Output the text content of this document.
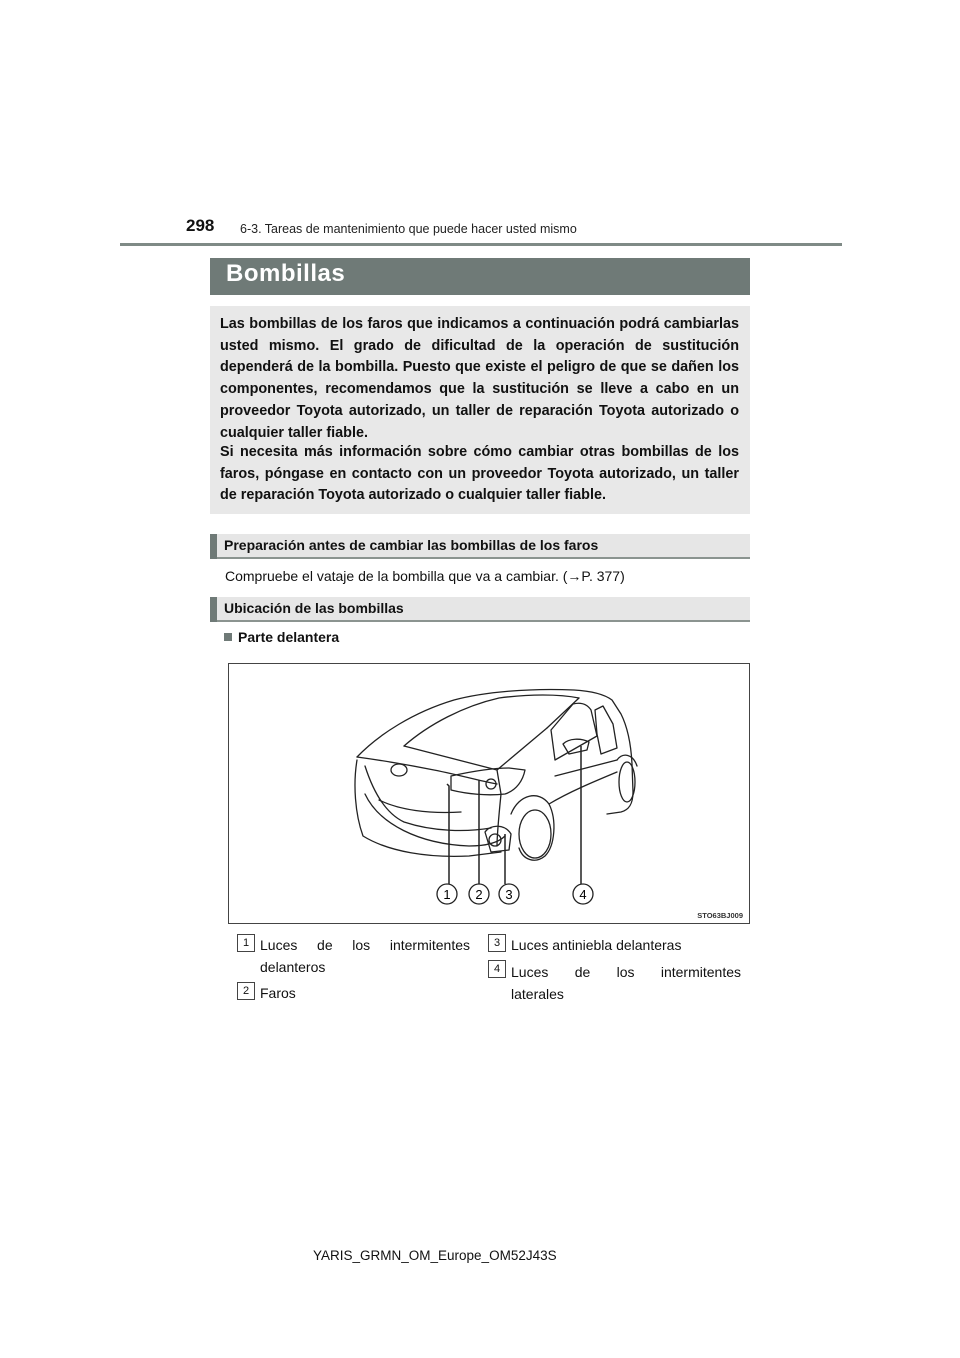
298 6-3. Tareas de mantenimiento que puede hacer usted mismo
Bombillas

Las bombillas de los faros que indicamos a continuación podrá cambiarlas usted mismo. El grado de dificultad de la operación de sustitución dependerá de la bombilla. Puesto que existe el peligro de que se dañen los componentes, recomendamos que la sustitución se lleve a cabo en un proveedor Toyota autorizado, un taller de reparación Toyota autorizado o cualquier taller fiable.

Si necesita más información sobre cómo cambiar otras bombillas de los faros, póngase en contacto con un proveedor Toyota autorizado, un taller de reparación Toyota autorizado o cualquier taller fiable.

Preparación antes de cambiar las bombillas de los faros
Compruebe el vataje de la bombilla que va a cambiar. (→P. 377)
Ubicación de las bombillas
Parte delantera
1 2 3	4
STO63BJ009
1 Luces de los intermitentes
delanteros
2 Faros
3 Luces antiniebla delanteras
4 Luces de los intermitentes
laterales
YARIS_GRMN_OM_Europe_OM52J43S
